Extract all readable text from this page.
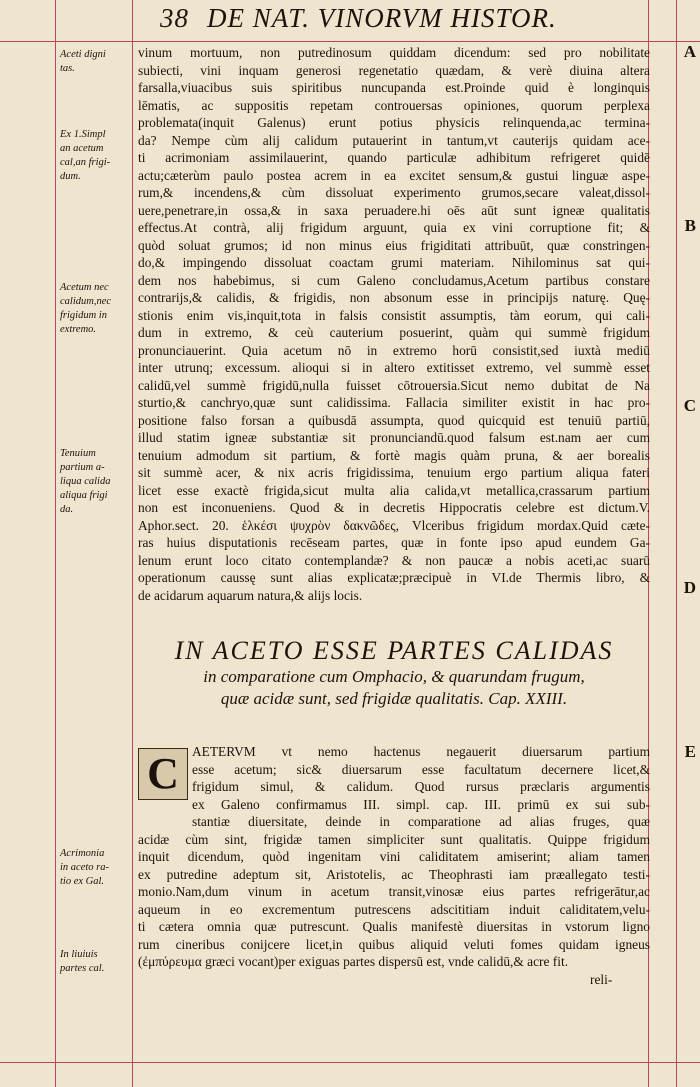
38 DE NAT. VINORVM HISTOR.
A
B
C
D
E
Aceti digni
tas.
Ex 1.Simpl
an acetum
cal,an frigi-
dum.
Acetum nec
calidum,nec
frigidum in
extremo.
Tenuium
partium a-
liqua calida
aliqua frigi
da.
Acrimonia
in aceto ra-
tio ex Gal.
In liuiuis
partes cal.
vinum mortuum, non putredinosum quiddam dicendum: sed pro nobilitate
subiecti, vini inquam generosi regenetatio quædam, & verè diuina altera
farsalla,viuacibus suis spiritibus nuncupanda est.Proinde quid è longinquis
lēmatis, ac suppositis repetam controuersas opiniones, quorum perplexa
problemata(inquit Galenus) erunt potius physicis relinquenda,ac termina-
da? Nempe cùm alij calidum putauerint in tantum,vt cauterijs quidam ace-
ti acrimoniam assimilauerint, quando particulæ adhibitum refrigeret quidē
actu;cæterùm paulo postea acrem in ea excitet sensum,& gustui linguæ aspe-
rum,& incendens,& cùm dissoluat experimento grumos,secare valeat,dissol-
uere,penetrare,in ossa,& in saxa peruadere.hi oēs aūt sunt igneæ qualitatis
effectus.At contrà, alij frigidum arguunt, quia ex vini corruptione fit; &
quòd soluat grumos; id non minus eius frigiditati attribuūt, quæ constringen-
do,& impingendo dissoluat coactam grumi materiam. Nihilominus sat qui-
dem nos habebimus, si cum Galeno concludamus,Acetum partibus constare
contrarijs,& calidis, & frigidis, non absonum esse in principijs naturę. Quę-
stionis enim vis,inquit,tota in falsis consistit assumptis, tàm eorum, qui cali-
dum in extremo, & ceù cauterium posuerint, quàm qui summè frigidum
pronunciauerint. Quia acetum nō in extremo horū consistit,sed iuxtà mediū
inter utrunq; excessum. alioqui si in altero extitisset extremo, vel summè esset
calidū,vel summè frigidū,nulla fuisset cōtrouersia.Sicut nemo dubitat de Na
sturtio,& canchryo,quæ sunt calidissima. Fallacia similiter existit in hac pro-
positione falso forsan a quibusdā assumpta, quod quicquid est tenuiū partiū,
illud statim igneæ substantiæ sit pronunciandū.quod falsum est.nam aer cum
tenuium admodum sit partium, & fortè magis quàm pruna, & aer borealis
sit summè acer, & nix acris frigidissima, tenuium ergo partium aliqua fateri
licet esse exactè frigida,sicut multa alia calida,vt metallica,crassarum partium
non est inconueniens. Quod & in decretis Hippocratis celebre est dictum.V.
Aphor.sect. 20. ἑλκέσι ψυχρὸν δακνῶδες, Vlceribus frigidum mordax.Quid cæte-
ras huius disputationis recēseam partes, quæ in fonte ipso apud eundem Ga-
lenum erunt loco citato contemplandæ? & non paucæ a nobis aceti,ac suarū
operationum caussę sunt alias explicatæ;præcipuè in VI.de Thermis libro, &
de acidarum aquarum natura,& alijs locis.
IN ACETO ESSE PARTES CALIDAS
in comparatione cum Omphacio, & quarundam frugum,
quæ acidæ sunt, sed frigidæ qualitatis. Cap. XXIII.
C AETERVM vt nemo hactenus negauerit diuersarum partium
esse acetum; sic& diuersarum esse facultatum decernere licet,&
frigidum simul, & calidum. Quod rursus præclaris argumentis
ex Galeno confirmamus III. simpl. cap. III. primū ex sui sub-
stantiæ diuersitate, deinde in comparatione ad alias fruges, quæ
acidæ cùm sint, frigidæ tamen simpliciter sunt qualitatis. Quippe frigidum
inquit dicendum, quòd ingenitam vini caliditatem amiserint; aliam tamen
ex putredine adeptum sit, Aristotelis, ac Theophrasti iam præallegato testi-
monio.Nam,dum vinum in acetum transit,vinosæ eius partes refrigerātur,ac
aqueum in eo excrementum putrescens adscititiam induit caliditatem,velu-
ti cætera omnia quæ putrescunt. Qualis manifestè diuersitas in vstorum ligno
rum cineribus conijcere licet,in quibus aliquid veluti fomes quidam igneus
(ἐμπύρευμα græci vocant)per exiguas partes dispersū est, vnde calidū,& acre fit.
reli-
